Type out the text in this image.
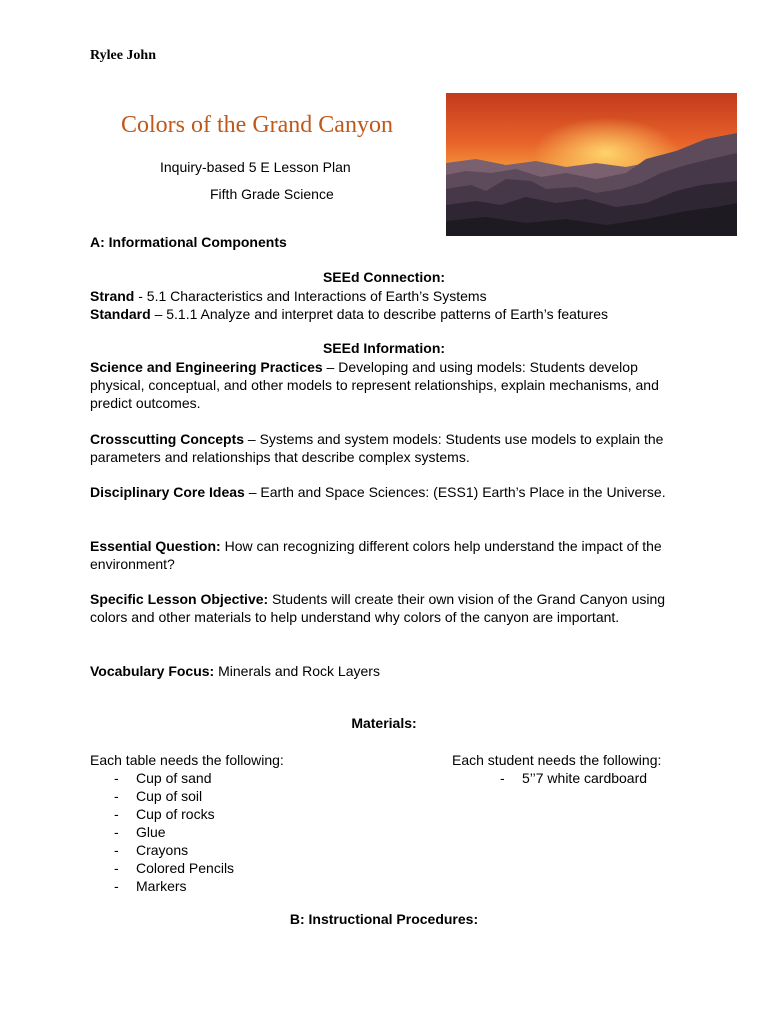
Rylee John
Colors of the Grand Canyon
Inquiry-based 5 E Lesson Plan
Fifth Grade Science
A: Informational Components
SEEd Connection:
Strand - 5.1 Characteristics and Interactions of Earth’s Systems
Standard – 5.1.1 Analyze and interpret data to describe patterns of Earth’s features
SEEd Information:
Science and Engineering Practices – Developing and using models: Students develop physical, conceptual, and other models to represent relationships, explain mechanisms, and predict outcomes.
Crosscutting Concepts – Systems and system models: Students use models to explain the parameters and relationships that describe complex systems.
Disciplinary Core Ideas – Earth and Space Sciences: (ESS1) Earth’s Place in the Universe.
Essential Question: How can recognizing different colors help understand the impact of the environment?
Specific Lesson Objective: Students will create their own vision of the Grand Canyon using colors and other materials to help understand why colors of the canyon are important.
Vocabulary Focus: Minerals and Rock Layers
Materials:
Each table needs the following:
- Cup of sand
- Cup of soil
- Cup of rocks
- Glue
- Crayons
- Colored Pencils
- Markers
Each student needs the following:
- 5’’7 white cardboard
B: Instructional Procedures:
